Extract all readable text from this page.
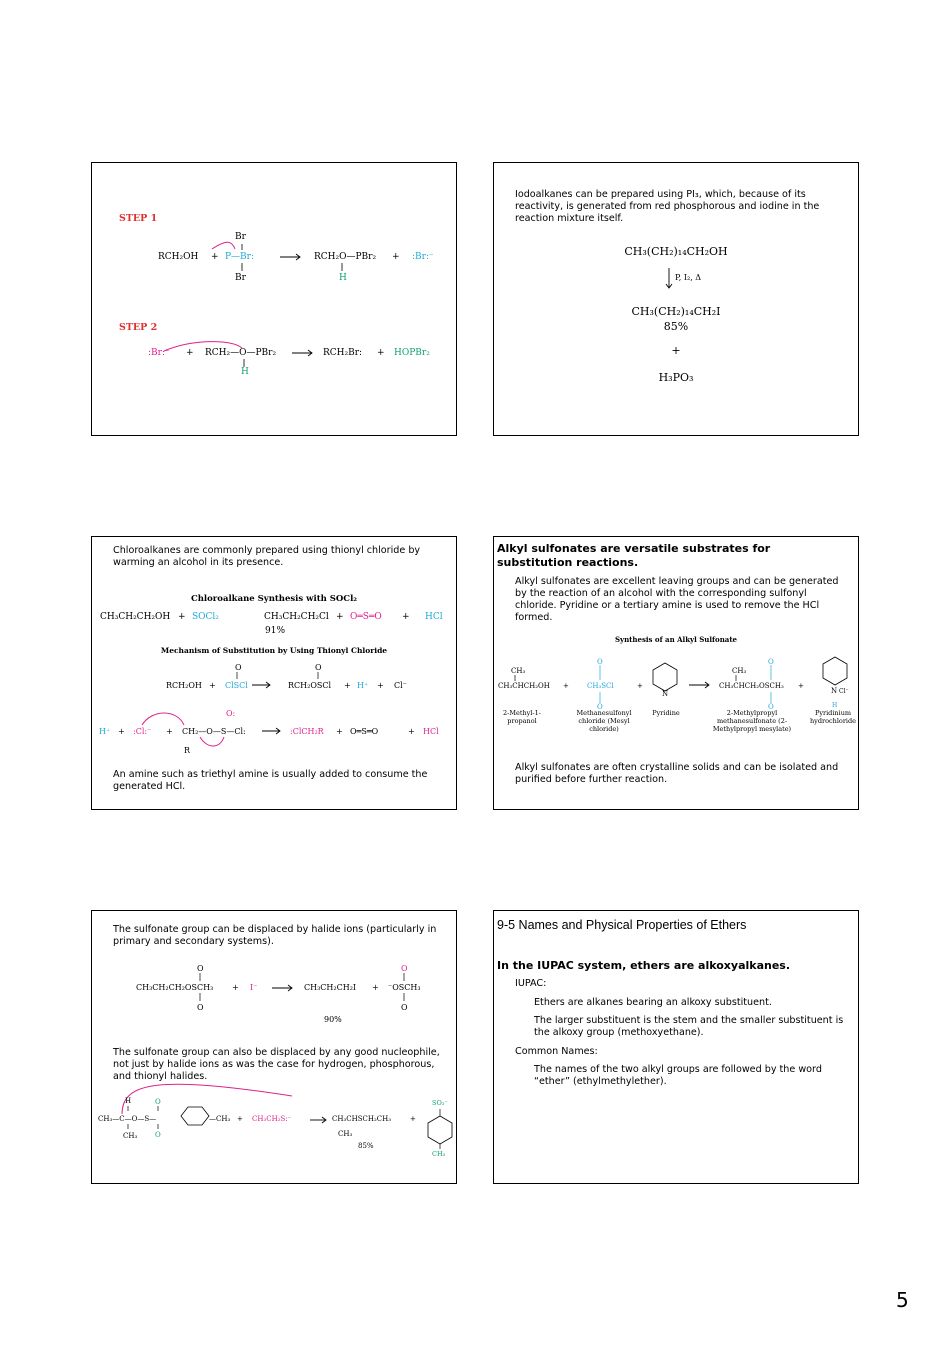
STEP 1
Br
RCH₂OH + P—Br:
Br
RCH₂O—PBr₂
H
+ :Br:⁻
STEP 2
:Br:⁻ + RCH₂—O—PBr₂
H
RCH₂Br: + HOPBr₂
Iodoalkanes can be prepared using PI₃, which, because of its reactivity, is generated from red phosphorous and iodine in the reaction mixture itself.
CH₃(CH₂)₁₄CH₂OH
P, I₂, Δ
CH₃(CH₂)₁₄CH₂I
85%
+
H₃PO₃
Chloroalkanes are commonly prepared using thionyl chloride by warming an alcohol in its presence.
Chloroalkane Synthesis with SOCl₂
CH₃CH₂CH₂OH + SOCl₂	CH₃CH₂CH₂Cl
91%
+ O═S═O + HCl
Mechanism of Substitution by Using Thionyl Chloride
O	O
RCH₂OH + ClSCl	RCH₂OSCl + H⁺ + Cl⁻
O:
H⁺ + :Cl:⁻ + CH₂—O—S—Cl:
R
:ClCH₂R + O═S═O	+ HCl
An amine such as triethyl amine is usually added to consume the generated HCl.
Alkyl sulfonates are versatile substrates for substitution reactions.
Alkyl sulfonates are excellent leaving groups and can be generated by the reaction of an alcohol with the corresponding sulfonyl chloride. Pyridine or a tertiary amine is used to remove the HCl formed.
Synthesis of an Alkyl Sulfonate
CH₃
CH₃CHCH₂OH +	CH₃SCl	+
CH₃
CH₃CHCH₂OSCH₃ +
O
O
N
O
O
N Cl⁻
H
2-Methyl-1-propanol
Methanesulfonyl chloride (Mesyl chloride)
Pyridine	2-Methylpropyl methanesulfonate (2-Methylpropyl mesylate)
Pyridinium hydrochloride
Alkyl sulfonates are often crystalline solids and can be isolated and purified before further reaction.
The sulfonate group can be displaced by halide ions (particularly in primary and secondary systems).
O
O
O
O
O
O
CH₃CH₂CH₂OSCH₃ + I⁻	CH₃CH₂CH₂I + ⁻OSCH₃
90%
The sulfonate group can also be displaced by any good nucleophile, not just by halide ions as was the case for hydrogen, phosphorous, and thionyl halides.
H
CH₃—C—O—S—
CH₃
—CH₃ + CH₃CH₂S:⁻	CH₃CHSCH₂CH₃
CH₃
85%
+
SO₃⁻
CH₃
9-5 Names and Physical Properties of Ethers
In the IUPAC system, ethers are alkoxyalkanes.
IUPAC:
Ethers are alkanes bearing an alkoxy substituent.
The larger substituent is the stem and the smaller substituent is the alkoxy group (methoxyethane).
Common Names:
The names of the two alkyl groups are followed by the word “ether” (ethylmethylether).
5
